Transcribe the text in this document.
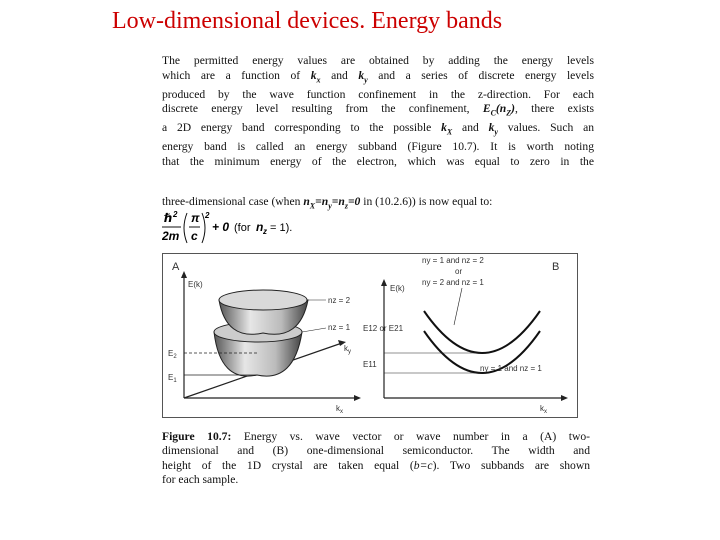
Low-dimensional devices. Energy bands
The permitted energy values are obtained by adding the energy levels
which are a function of $k_x$ and $k_y$ and a series of discrete energy levels
produced by the wave function confinement in the z-direction. For each
discrete energy level resulting from the confinement, $E_C(n_Z)$, there exists
a 2D energy band corresponding to the possible $k_X$ and $k_y$ values. Such an
energy band is called an energy subband (Figure 10.7). It is worth noting
that the minimum energy of the electron, which was equal to zero in the
three-dimensional case (when $n_X=n_y=n_z=0$ in (10.2.6)) is now equal to:
ℏ 2
2m
π
c
2
+ 0 (for n z = 1).
A
E(k)
$k_x$
$k_y$
$E_2$
$E_1$
nz = 2
nz = 1
B
E(k)
$k_x$
E12 or E21
E11
ny = 1 and nz = 2
or
ny = 2 and nz = 1
ny = 1 and nz = 1
Figure 10.7: Energy vs. wave vector or wave number in a (A) two-
dimensional and (B) one-dimensional semiconductor. The width and
height of the 1D crystal are taken equal (b=c). Two subbands are shown
for each sample.
